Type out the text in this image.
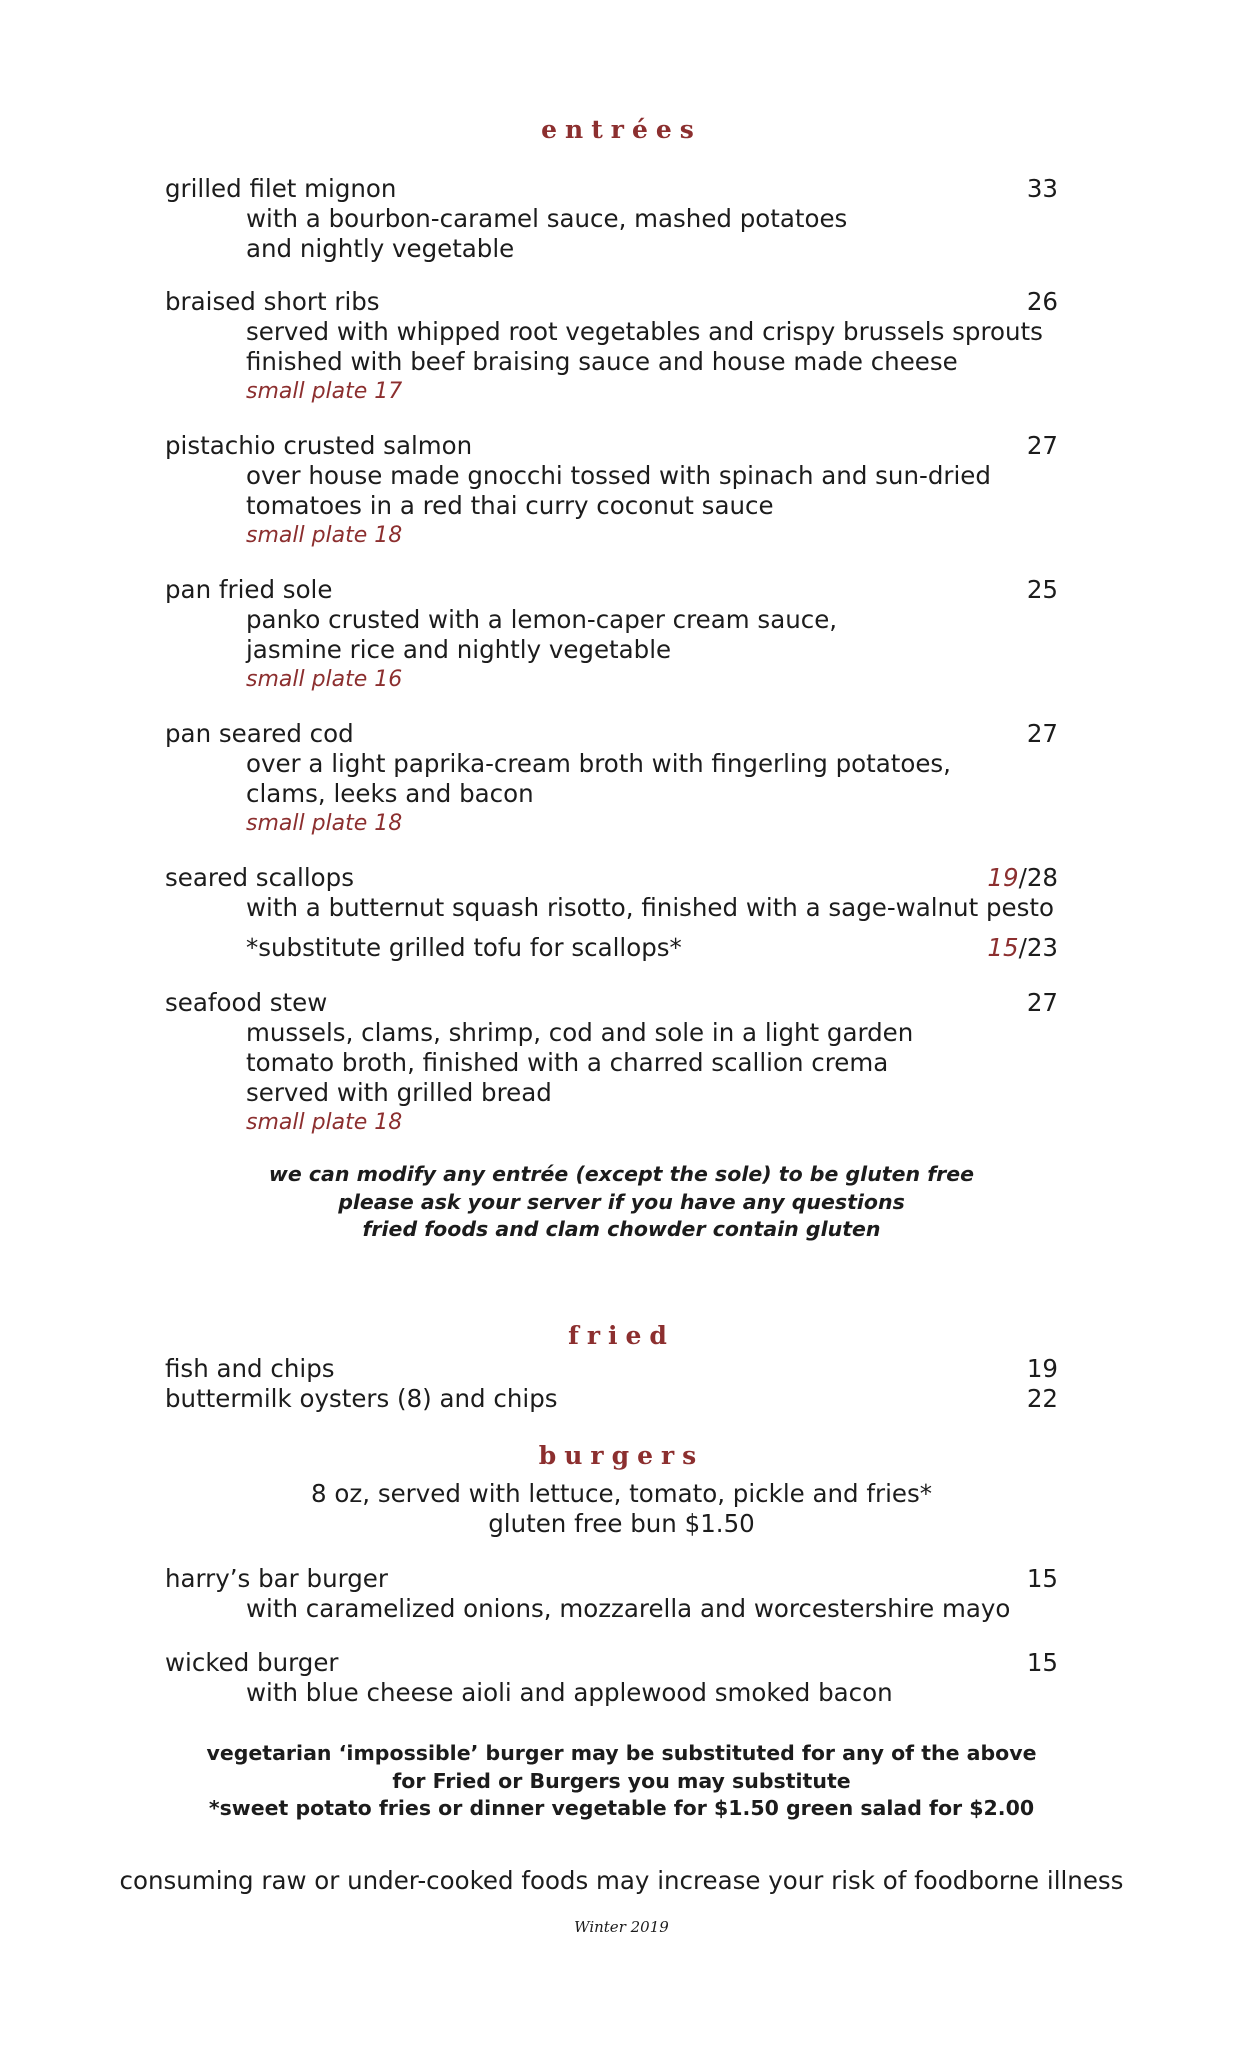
entrées
grilled filet mignon	33
with a bourbon-caramel sauce, mashed potatoes
and nightly vegetable
braised short ribs	26
served with whipped root vegetables and crispy brussels sprouts
finished with beef braising sauce and house made cheese
small plate 17
pistachio crusted salmon	27
over house made gnocchi tossed with spinach and sun-dried
tomatoes in a red thai curry coconut sauce
small plate 18
pan fried sole	25
panko crusted with a lemon-caper cream sauce,
jasmine rice and nightly vegetable
small plate 16
pan seared cod	27
over a light paprika-cream broth with fingerling potatoes,
clams, leeks and bacon
small plate 18
seared scallops	19/28
with a butternut squash risotto, finished with a sage-walnut pesto
*substitute grilled tofu for scallops*	15/23
seafood stew	27
mussels, clams, shrimp, cod and sole in a light garden
tomato broth, finished with a charred scallion crema
served with grilled bread
small plate 18
we can modify any entrée (except the sole) to be gluten free
please ask your server if you have any questions
fried foods and clam chowder contain gluten
fried
fish and chips	19
buttermilk oysters (8) and chips	22
burgers
8 oz, served with lettuce, tomato, pickle and fries*
gluten free bun $1.50
harry’s bar burger	15
with caramelized onions, mozzarella and worcestershire mayo
wicked burger	15
with blue cheese aioli and applewood smoked bacon
vegetarian ‘impossible’ burger may be substituted for any of the above
for Fried or Burgers you may substitute
*sweet potato fries or dinner vegetable for $1.50 green salad for $2.00
consuming raw or under-cooked foods may increase your risk of foodborne illness
Winter 2019
